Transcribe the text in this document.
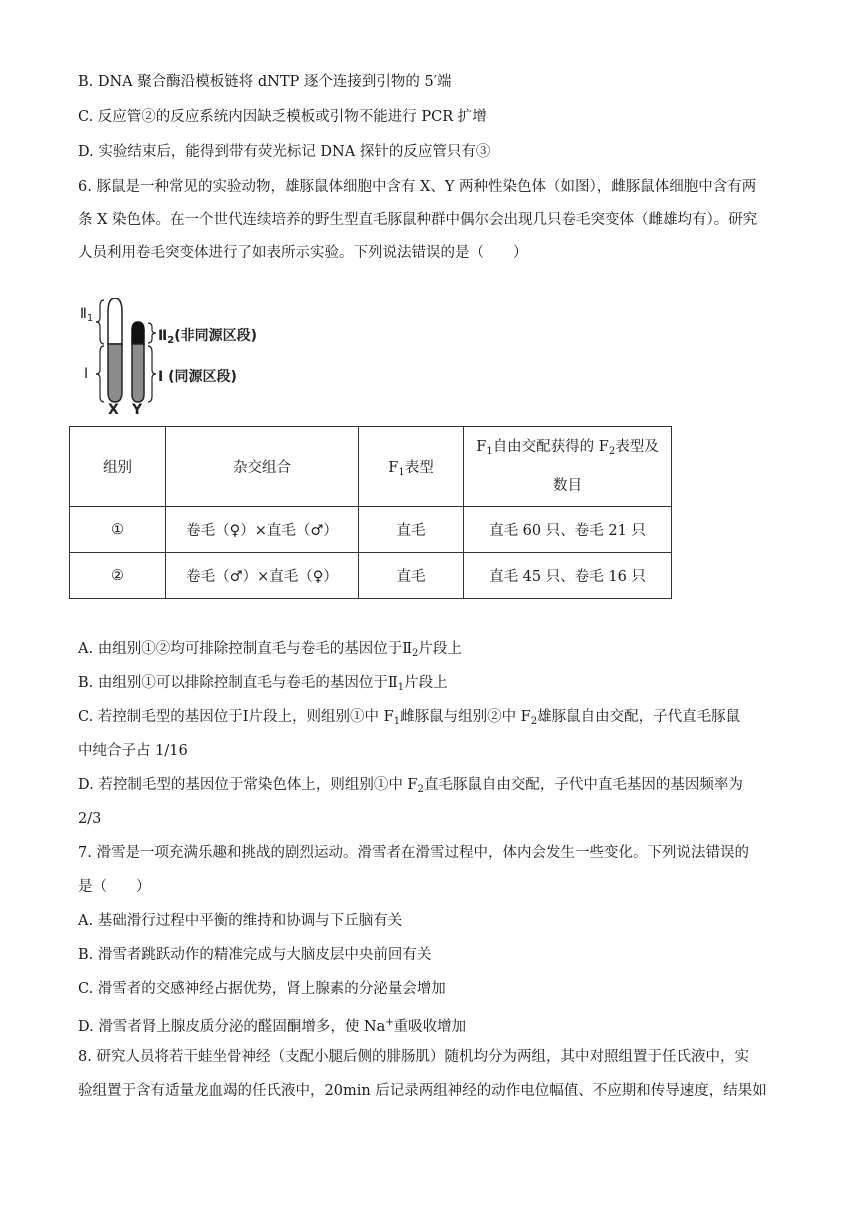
B. DNA 聚合酶沿模板链将 dNTP 逐个连接到引物的 5′端
C. 反应管②的反应系统内因缺乏模板或引物不能进行 PCR 扩增
D. 实验结束后，能得到带有荧光标记 DNA 探针的反应管只有③
6. 豚鼠是一种常见的实验动物，雄豚鼠体细胞中含有 X、Y 两种性染色体（如图），雌豚鼠体细胞中含有两
条 X 染色体。在一个世代连续培养的野生型直毛豚鼠种群中偶尔会出现几只卷毛突变体（雌雄均有）。研究
人员利用卷毛突变体进行了如表所示实验。下列说法错误的是（　　）
$Ⅱ_1$
Ⅰ
$Ⅱ_2$(非同源区段)
Ⅰ (同源区段)
X Y
组别	杂交组合	$F_1$表型	$F_1$自由交配获得的 $F_2$表型及
数目
①	卷毛（♀）×直毛（♂）	直毛	直毛 60 只、卷毛 21 只
②	卷毛（♂）×直毛（♀）	直毛	直毛 45 只、卷毛 16 只
A. 由组别①②均可排除控制直毛与卷毛的基因位于$Ⅱ_2$片段上
B. 由组别①可以排除控制直毛与卷毛的基因位于$Ⅱ_1$片段上
C. 若控制毛型的基因位于Ⅰ片段上，则组别①中 $F_1$雌豚鼠与组别②中 $F_2$雄豚鼠自由交配，子代直毛豚鼠
中纯合子占 1/16
D. 若控制毛型的基因位于常染色体上，则组别①中 $F_2$直毛豚鼠自由交配，子代中直毛基因的基因频率为
2/3
7. 滑雪是一项充满乐趣和挑战的剧烈运动。滑雪者在滑雪过程中，体内会发生一些变化。下列说法错误的
是（　　）
A. 基础滑行过程中平衡的维持和协调与下丘脑有关
B. 滑雪者跳跃动作的精准完成与大脑皮层中央前回有关
C. 滑雪者的交感神经占据优势，肾上腺素的分泌量会增加
D. 滑雪者肾上腺皮质分泌的醛固酮增多，使 Na+重吸收增加
8. 研究人员将若干蛙坐骨神经（支配小腿后侧的腓肠肌）随机均分为两组，其中对照组置于任氏液中，实
验组置于含有适量龙血竭的任氏液中，20min 后记录两组神经的动作电位幅值、不应期和传导速度，结果如
